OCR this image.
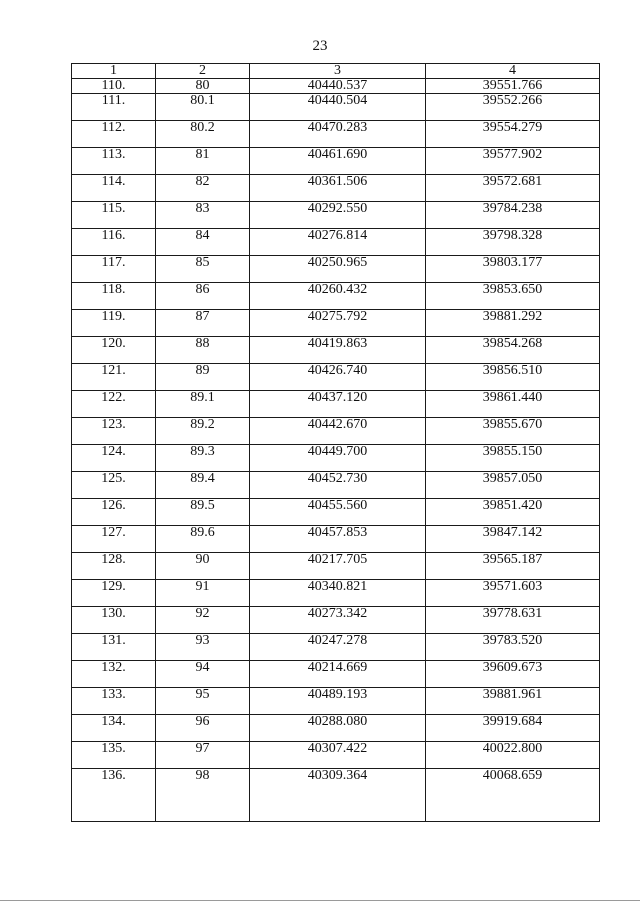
23
1	2	3	4
110.	80	40440.537	39551.766
111.	80.1	40440.504	39552.266
112.	80.2	40470.283	39554.279
113.	81	40461.690	39577.902
114.	82	40361.506	39572.681
115.	83	40292.550	39784.238
116.	84	40276.814	39798.328
117.	85	40250.965	39803.177
118.	86	40260.432	39853.650
119.	87	40275.792	39881.292
120.	88	40419.863	39854.268
121.	89	40426.740	39856.510
122.	89.1	40437.120	39861.440
123.	89.2	40442.670	39855.670
124.	89.3	40449.700	39855.150
125.	89.4	40452.730	39857.050
126.	89.5	40455.560	39851.420
127.	89.6	40457.853	39847.142
128.	90	40217.705	39565.187
129.	91	40340.821	39571.603
130.	92	40273.342	39778.631
131.	93	40247.278	39783.520
132.	94	40214.669	39609.673
133.	95	40489.193	39881.961
134.	96	40288.080	39919.684
135.	97	40307.422	40022.800
136.	98	40309.364	40068.659
